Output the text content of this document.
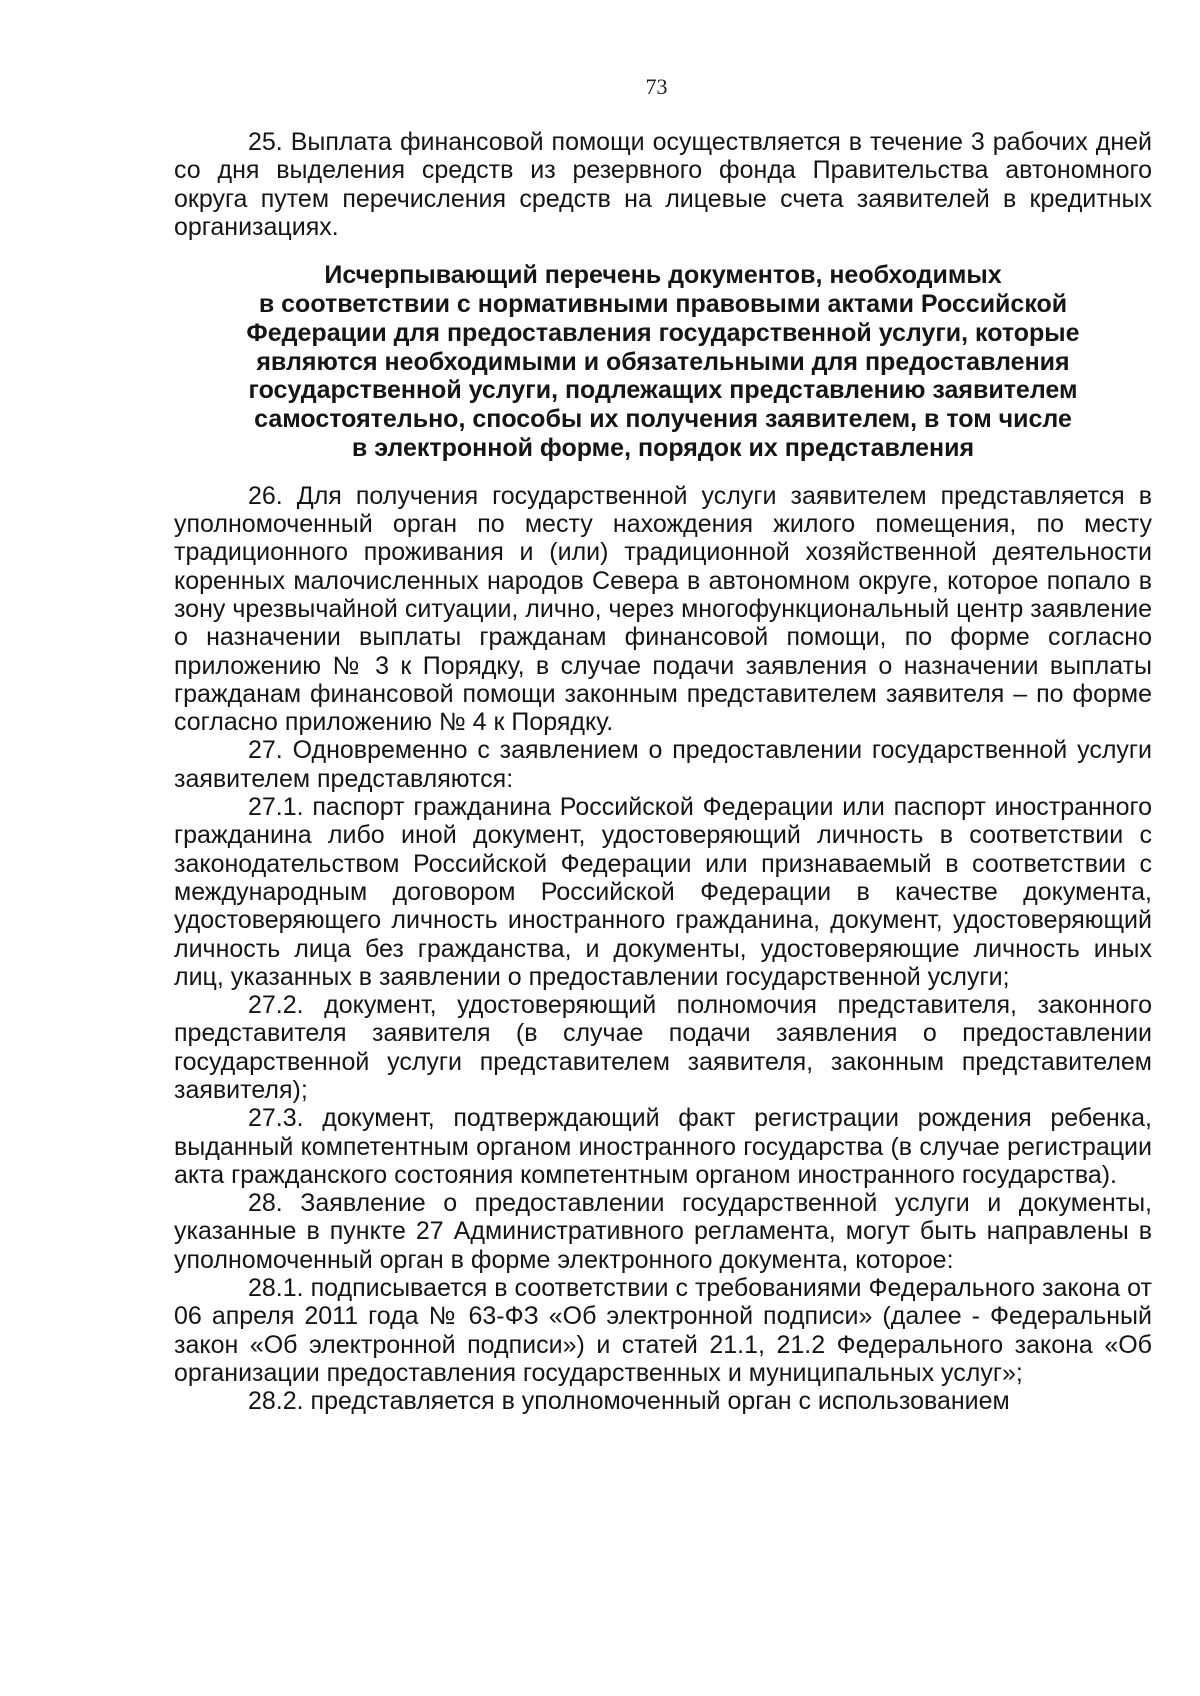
73

25. Выплата финансовой помощи осуществляется в течение 3 рабочих дней со дня выделения средств из резервного фонда Правительства автономного округа путем перечисления средств на лицевые счета заявителей в кредитных организациях.

Исчерпывающий перечень документов, необходимых
в соответствии с нормативными правовыми актами Российской
Федерации для предоставления государственной услуги, которые
являются необходимыми и обязательными для предоставления
государственной услуги, подлежащих представлению заявителем
самостоятельно, способы их получения заявителем, в том числе
в электронной форме, порядок их представления

26. Для получения государственной услуги заявителем представляется в уполномоченный орган по месту нахождения жилого помещения, по месту традиционного проживания и (или) традиционной хозяйственной деятельности коренных малочисленных народов Севера в автономном округе, которое попало в зону чрезвычайной ситуации, лично, через многофункциональный центр заявление о назначении выплаты гражданам финансовой помощи, по форме согласно приложению № 3 к Порядку, в случае подачи заявления о назначении выплаты гражданам финансовой помощи законным представителем заявителя – по форме согласно приложению № 4 к Порядку.

27. Одновременно с заявлением о предоставлении государственной услуги заявителем представляются:

27.1. паспорт гражданина Российской Федерации или паспорт иностранного гражданина либо иной документ, удостоверяющий личность в соответствии с законодательством Российской Федерации или признаваемый в соответствии с международным договором Российской Федерации в качестве документа, удостоверяющего личность иностранного гражданина, документ, удостоверяющий личность лица без гражданства, и документы, удостоверяющие личность иных лиц, указанных в заявлении о предоставлении государственной услуги;

27.2. документ, удостоверяющий полномочия представителя, законного представителя заявителя (в случае подачи заявления о предоставлении государственной услуги представителем заявителя, законным представителем заявителя);

27.3. документ, подтверждающий факт регистрации рождения ребенка, выданный компетентным органом иностранного государства (в случае регистрации акта гражданского состояния компетентным органом иностранного государства).

28. Заявление о предоставлении государственной услуги и документы, указанные в пункте 27 Административного регламента, могут быть направлены в уполномоченный орган в форме электронного документа, которое:

28.1. подписывается в соответствии с требованиями Федерального закона от 06 апреля 2011 года № 63-ФЗ «Об электронной подписи» (далее - Федеральный закон «Об электронной подписи») и статей 21.1, 21.2 Федерального закона «Об организации предоставления государственных и муниципальных услуг»;

28.2. представляется в уполномоченный орган с использованием
